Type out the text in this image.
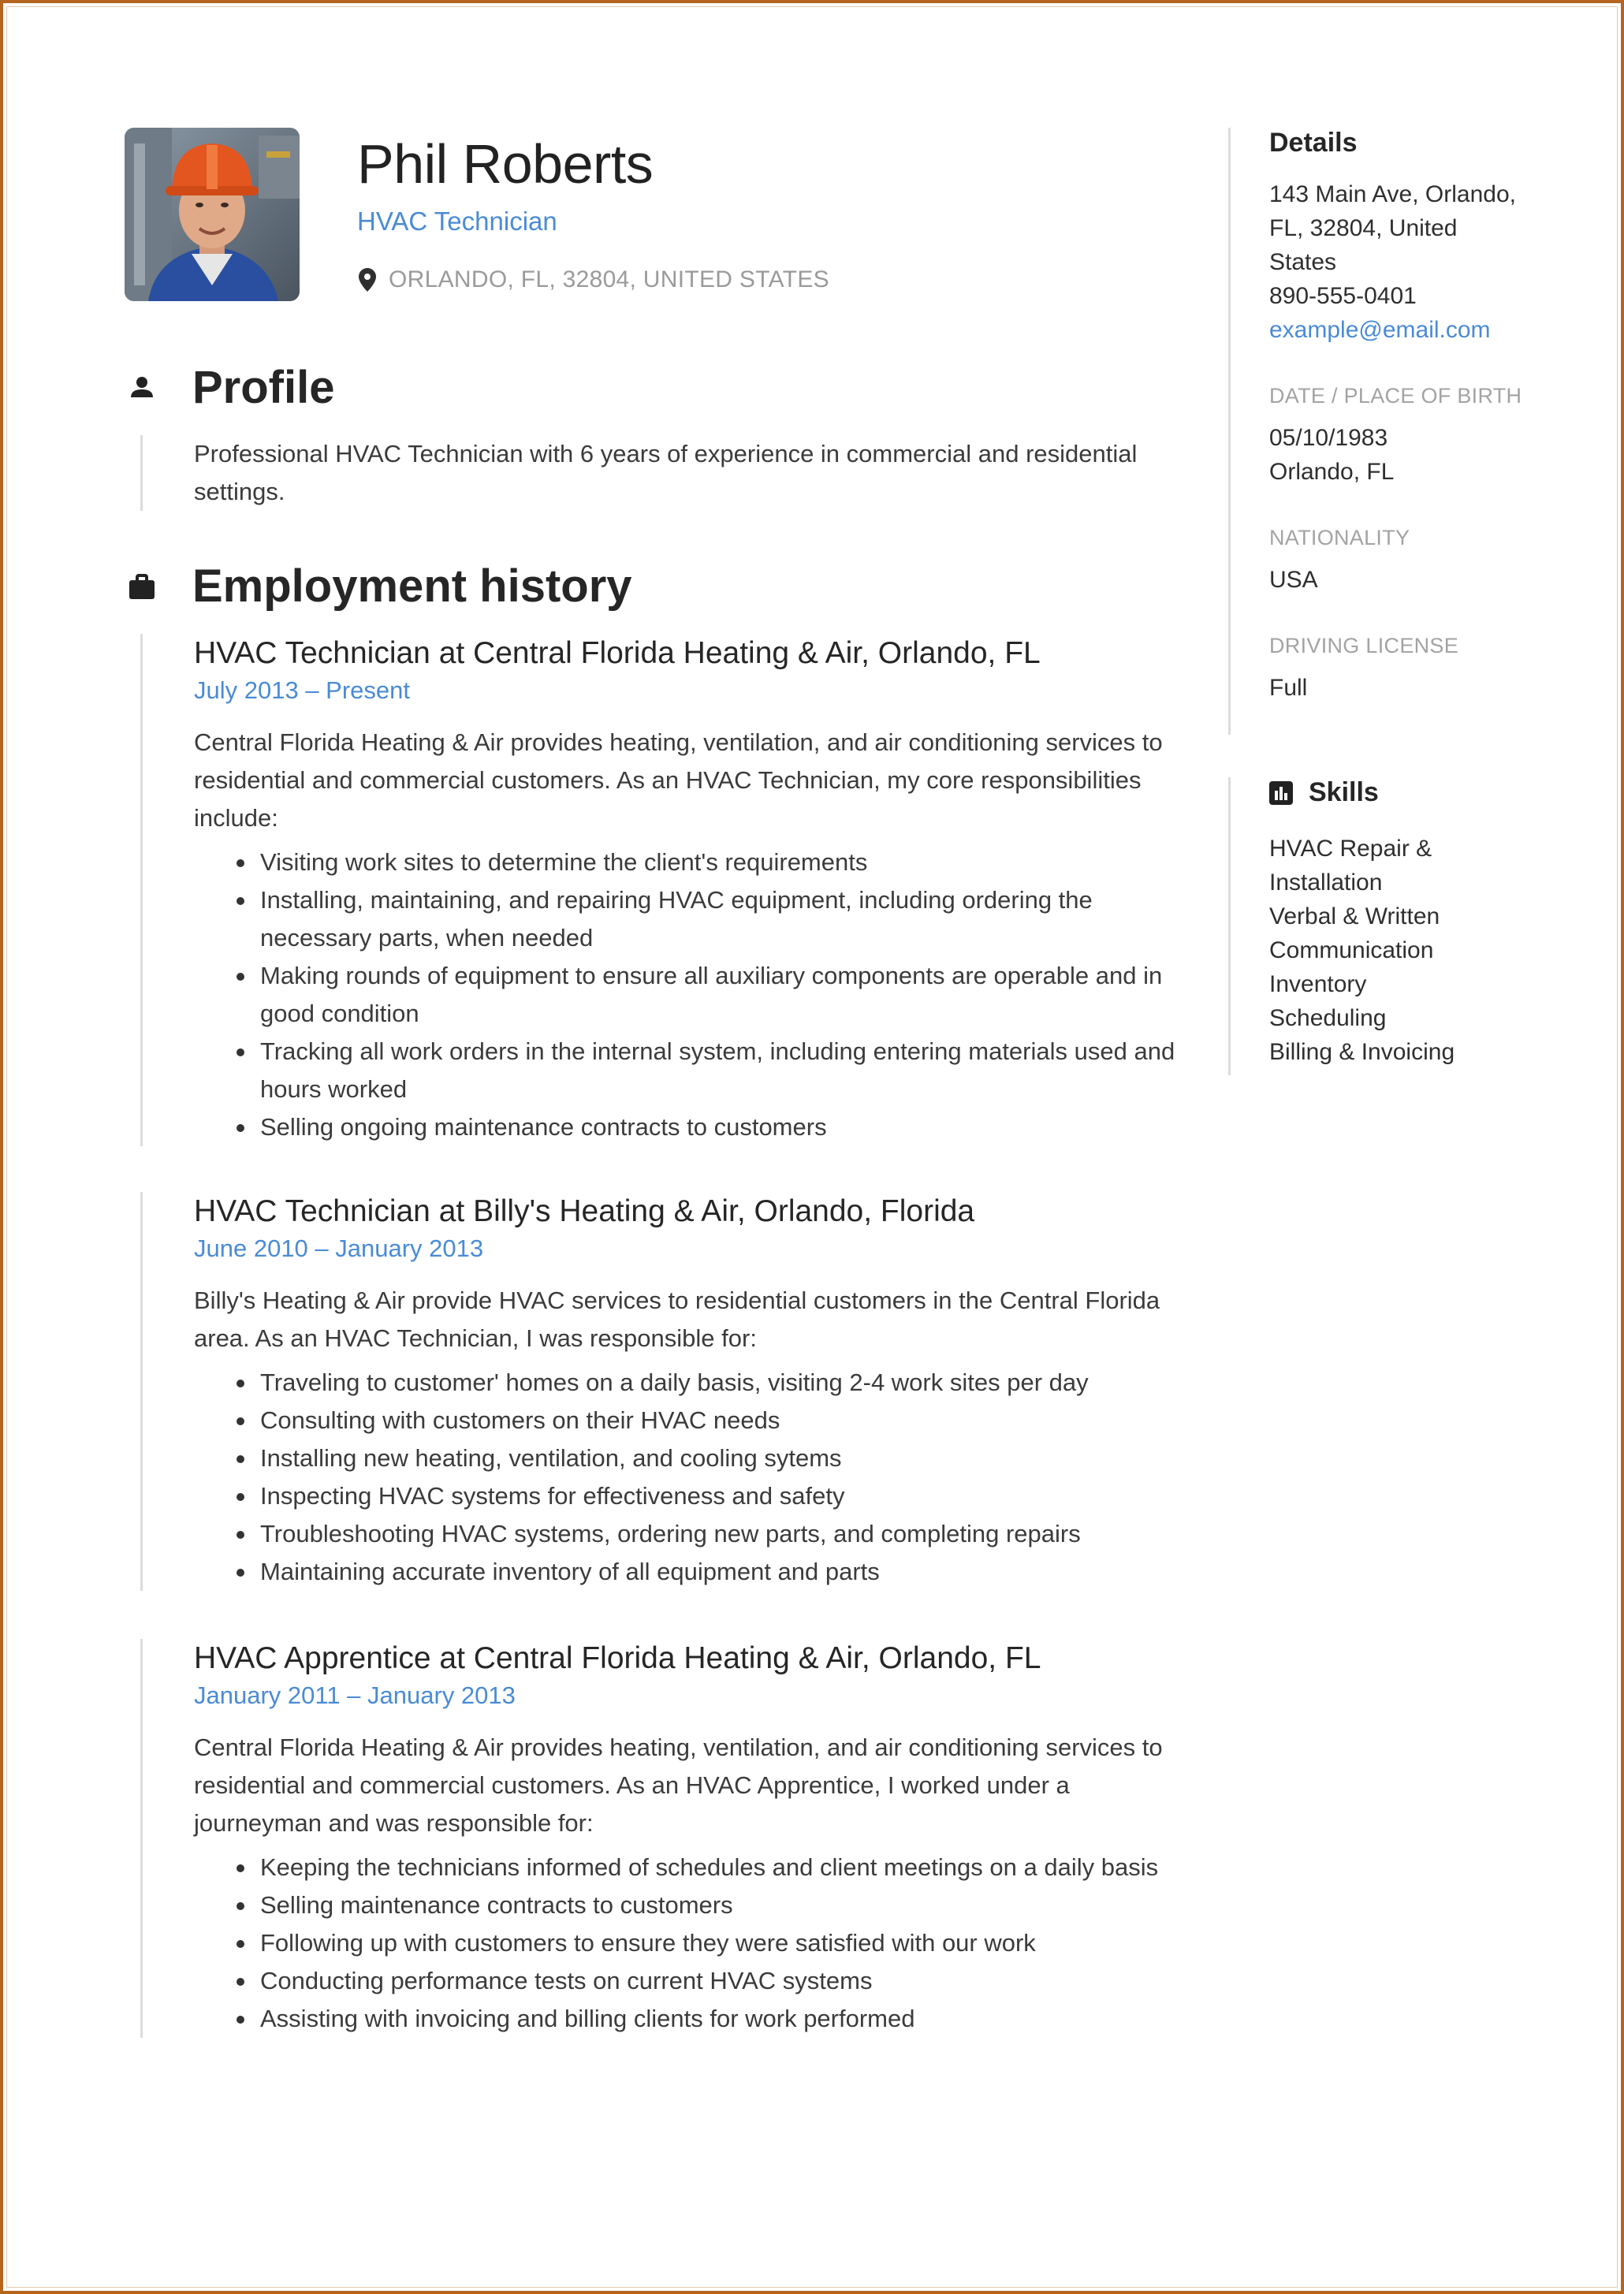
Phil Roberts
HVAC Technician
ORLANDO, FL, 32804, UNITED STATES
Profile

Professional HVAC Technician with 6 years of experience in commercial and residential settings.

Employment history
HVAC Technician at Central Florida Heating & Air, Orlando, FL
July 2013 – Present

Central Florida Heating & Air provides heating, ventilation, and air conditioning services to residential and commercial customers. As an HVAC Technician, my core responsibilities include:

Visiting work sites to determine the client's requirements
Installing, maintaining, and repairing HVAC equipment, including ordering the necessary parts, when needed
Making rounds of equipment to ensure all auxiliary components are operable and in good condition
Tracking all work orders in the internal system, including entering materials used and hours worked
Selling ongoing maintenance contracts to customers
HVAC Technician at Billy's Heating & Air, Orlando, Florida
June 2010 – January 2013

Billy's Heating & Air provide HVAC services to residential customers in the Central Florida area. As an HVAC Technician, I was responsible for:

Traveling to customer' homes on a daily basis, visiting 2-4 work sites per day
Consulting with customers on their HVAC needs
Installing new heating, ventilation, and cooling sytems
Inspecting HVAC systems for effectiveness and safety
Troubleshooting HVAC systems, ordering new parts, and completing repairs
Maintaining accurate inventory of all equipment and parts
HVAC Apprentice at Central Florida Heating & Air, Orlando, FL
January 2011 – January 2013

Central Florida Heating & Air provides heating, ventilation, and air conditioning services to residential and commercial customers. As an HVAC Apprentice, I worked under a journeyman and was responsible for:

Keeping the technicians informed of schedules and client meetings on a daily basis
Selling maintenance contracts to customers
Following up with customers to ensure they were satisfied with our work
Conducting performance tests on current HVAC systems
Assisting with invoicing and billing clients for work performed
Details
143 Main Ave, Orlando,
FL, 32804, United
States
890-555-0401
example@email.com
DATE / PLACE OF BIRTH
05/10/1983
Orlando, FL
NATIONALITY
USA
DRIVING LICENSE
Full
Skills
HVAC Repair &
Installation
Verbal & Written
Communication
Inventory
Scheduling
Billing & Invoicing
